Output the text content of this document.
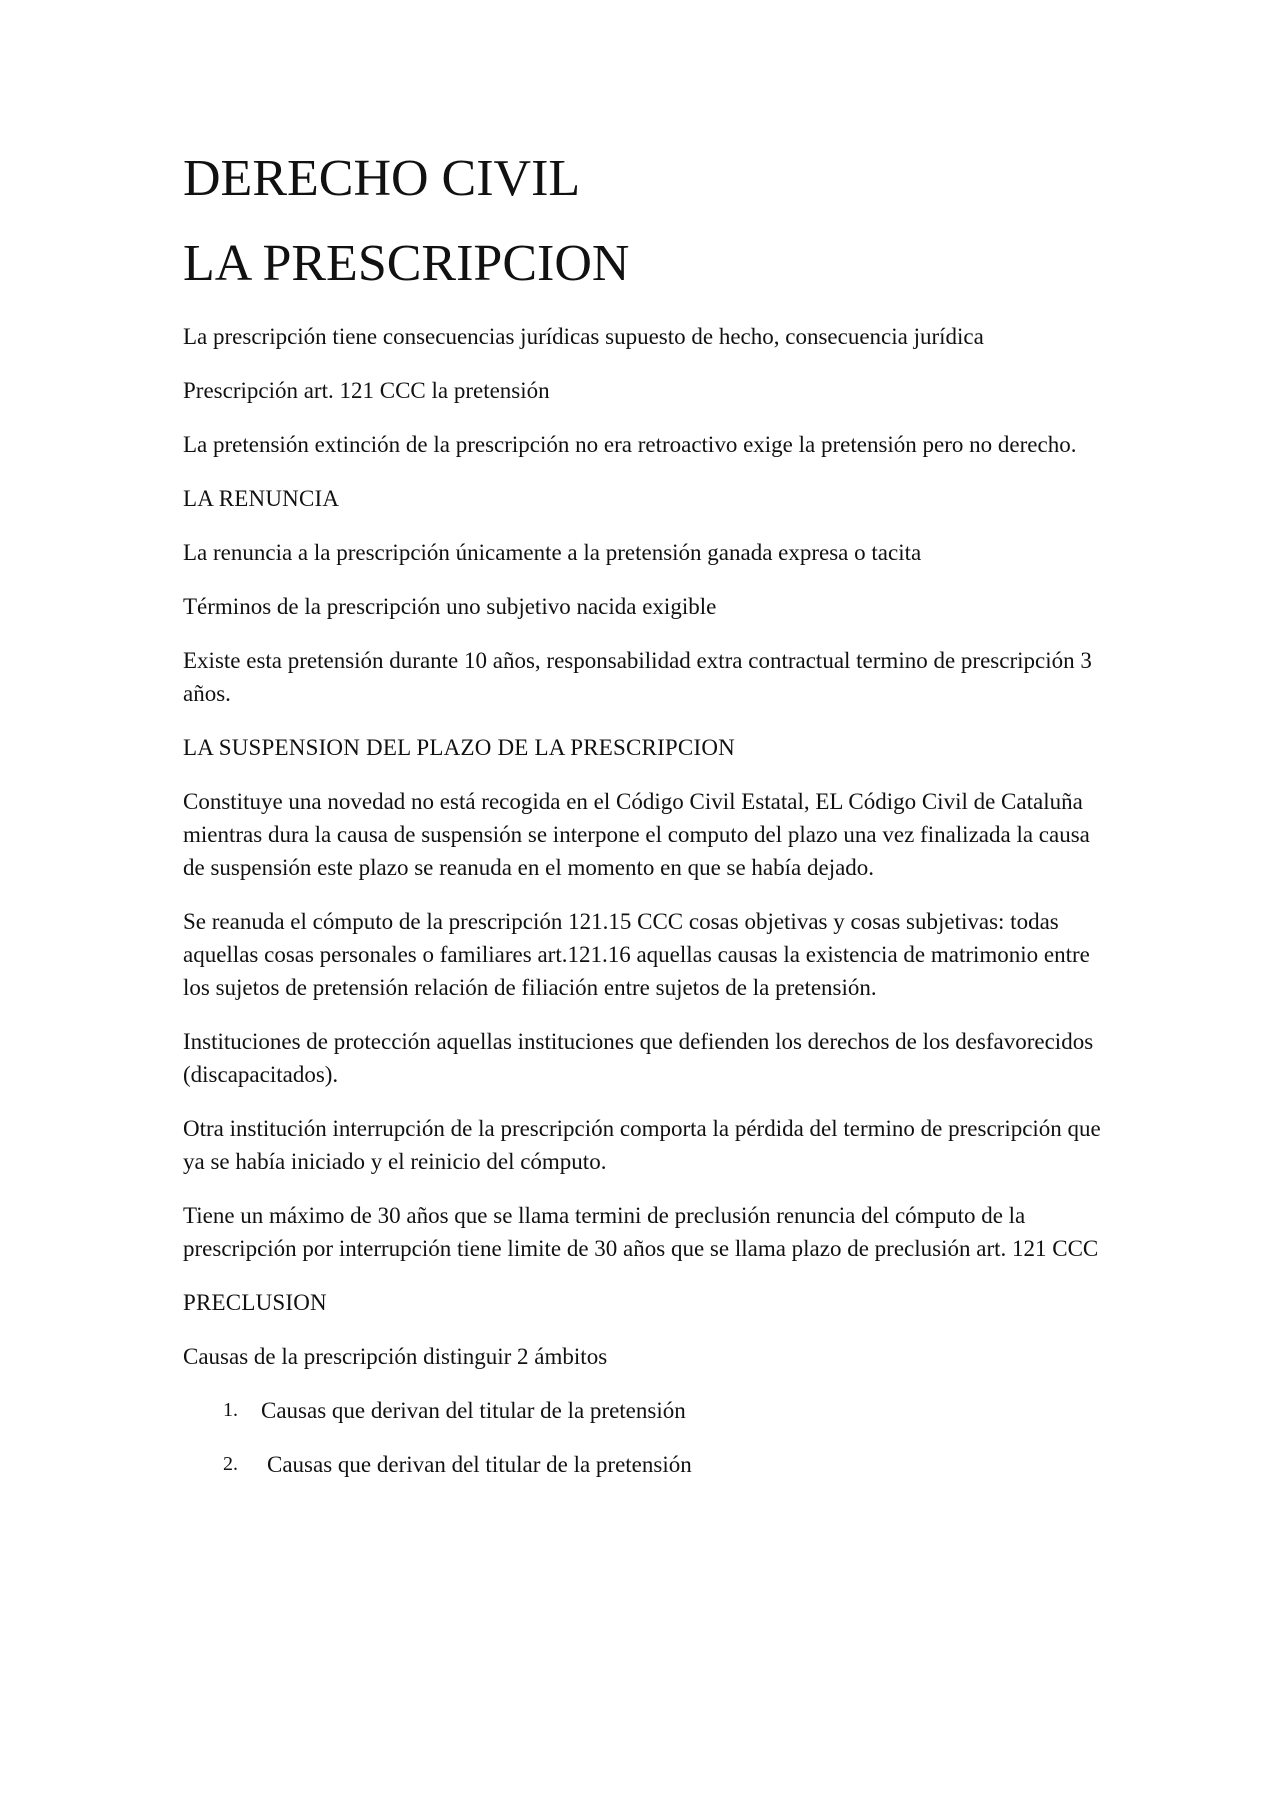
DERECHO CIVIL
LA PRESCRIPCION

La prescripción tiene consecuencias jurídicas supuesto de hecho, consecuencia jurídica

Prescripción art. 121 CCC la pretensión

La pretensión extinción de la prescripción no era retroactivo exige la pretensión pero no derecho.

LA RENUNCIA

La renuncia a la prescripción únicamente a la pretensión ganada expresa o tacita

Términos de la prescripción uno subjetivo nacida exigible

Existe esta pretensión durante 10 años, responsabilidad extra contractual termino de prescripción 3 años.

LA SUSPENSION DEL PLAZO DE LA PRESCRIPCION

Constituye una novedad no está recogida en el Código Civil Estatal, EL Código Civil de Cataluña mientras dura la causa de suspensión se interpone el computo del plazo una vez finalizada la causa de suspensión este plazo se reanuda en el momento en que se había dejado.

Se reanuda el cómputo de la prescripción 121.15 CCC cosas objetivas y cosas subjetivas: todas aquellas cosas personales o familiares art.121.16 aquellas causas la existencia de matrimonio entre los sujetos de pretensión relación de filiación entre sujetos de la pretensión.

Instituciones de protección aquellas instituciones que defienden los derechos de los desfavorecidos (discapacitados).

Otra institución interrupción de la prescripción comporta la pérdida del termino de prescripción que ya se había iniciado y el reinicio del cómputo.

Tiene un máximo de 30 años que se llama termini de preclusión renuncia del cómputo de la prescripción por interrupción tiene limite de 30 años que se llama plazo de preclusión art. 121 CCC

PRECLUSION

Causas de la prescripción distinguir 2 ámbitos

1.	Causas que derivan del titular de la pretensión
2.	Causas que derivan del titular de la pretensión
